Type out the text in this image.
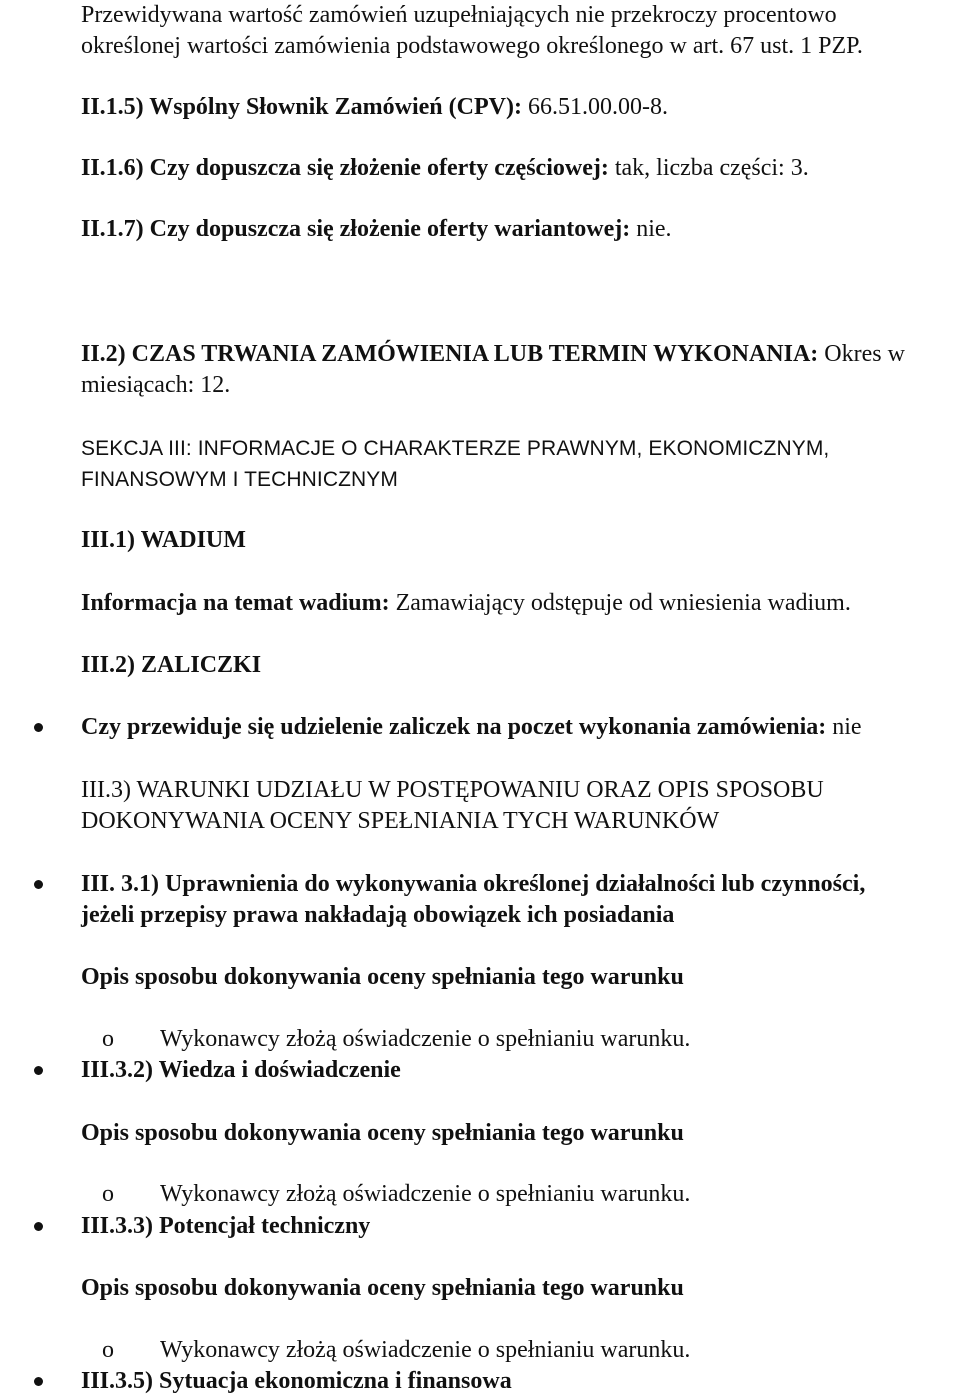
Przewidywana wartość zamówień uzupełniających nie przekroczy procentowo

określonej wartości zamówienia podstawowego określonego w art. 67 ust. 1 PZP.

II.1.5) Wspólny Słownik Zamówień (CPV): 66.51.00.00-8.

II.1.6) Czy dopuszcza się złożenie oferty częściowej: tak, liczba części: 3.

II.1.7) Czy dopuszcza się złożenie oferty wariantowej: nie.

II.2) CZAS TRWANIA ZAMÓWIENIA LUB TERMIN WYKONANIA: Okres w

miesiącach: 12.

SEKCJA III: INFORMACJE O CHARAKTERZE PRAWNYM, EKONOMICZNYM,

FINANSOWYM I TECHNICZNYM

III.1) WADIUM

Informacja na temat wadium: Zamawiający odstępuje od wniesienia wadium.

III.2) ZALICZKI

Czy przewiduje się udzielenie zaliczek na poczet wykonania zamówienia: nie

III.3) WARUNKI UDZIAŁU W POSTĘPOWANIU ORAZ OPIS SPOSOBU

DOKONYWANIA OCENY SPEŁNIANIA TYCH WARUNKÓW

III. 3.1) Uprawnienia do wykonywania określonej działalności lub czynności,

jeżeli przepisy prawa nakładają obowiązek ich posiadania

Opis sposobu dokonywania oceny spełniania tego warunku

o Wykonawcy złożą oświadczenie o spełnianiu warunku.

III.3.2) Wiedza i doświadczenie

Opis sposobu dokonywania oceny spełniania tego warunku

o Wykonawcy złożą oświadczenie o spełnianiu warunku.

III.3.3) Potencjał techniczny

Opis sposobu dokonywania oceny spełniania tego warunku

o Wykonawcy złożą oświadczenie o spełnianiu warunku.

III.3.5) Sytuacja ekonomiczna i finansowa
